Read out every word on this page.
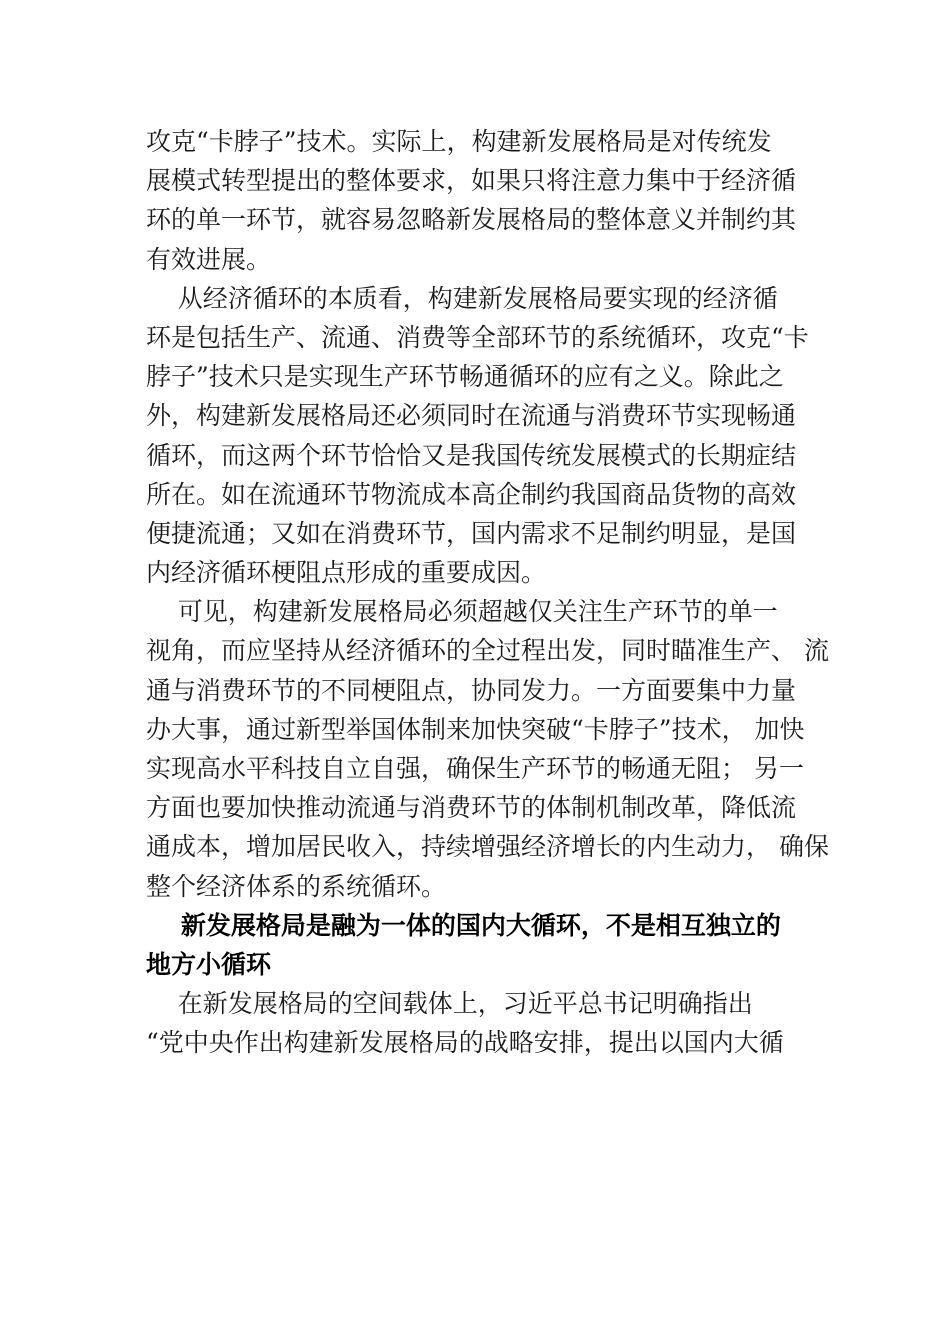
攻克“卡脖子”技术。实际上，构建新发展格局是对传统发
展模式转型提出的整体要求，如果只将注意力集中于经济循
环的单一环节，就容易忽略新发展格局的整体意义并制约其
有效进展。
从经济循环的本质看，构建新发展格局要实现的经济循
环是包括生产、流通、消费等全部环节的系统循环，攻克“卡
脖子”技术只是实现生产环节畅通循环的应有之义。除此之
外，构建新发展格局还必须同时在流通与消费环节实现畅通
循环，而这两个环节恰恰又是我国传统发展模式的长期症结
所在。如在流通环节物流成本高企制约我国商品货物的高效
便捷流通；又如在消费环节，国内需求不足制约明显，是国
内经济循环梗阻点形成的重要成因。
可见，构建新发展格局必须超越仅关注生产环节的单一
视角，而应坚持从经济循环的全过程出发，同时瞄准生产、 流
通与消费环节的不同梗阻点，协同发力。一方面要集中力量
办大事，通过新型举国体制来加快突破“卡脖子”技术， 加快
实现高水平科技自立自强，确保生产环节的畅通无阻； 另一
方面也要加快推动流通与消费环节的体制机制改革，降低流
通成本，增加居民收入，持续增强经济增长的内生动力， 确保
整个经济体系的系统循环。
新发展格局是融为一体的国内大循环，不是相互独立的
地方小循环
在新发展格局的空间载体上，习近平总书记明确指出
“党中央作出构建新发展格局的战略安排，提出以国内大循
